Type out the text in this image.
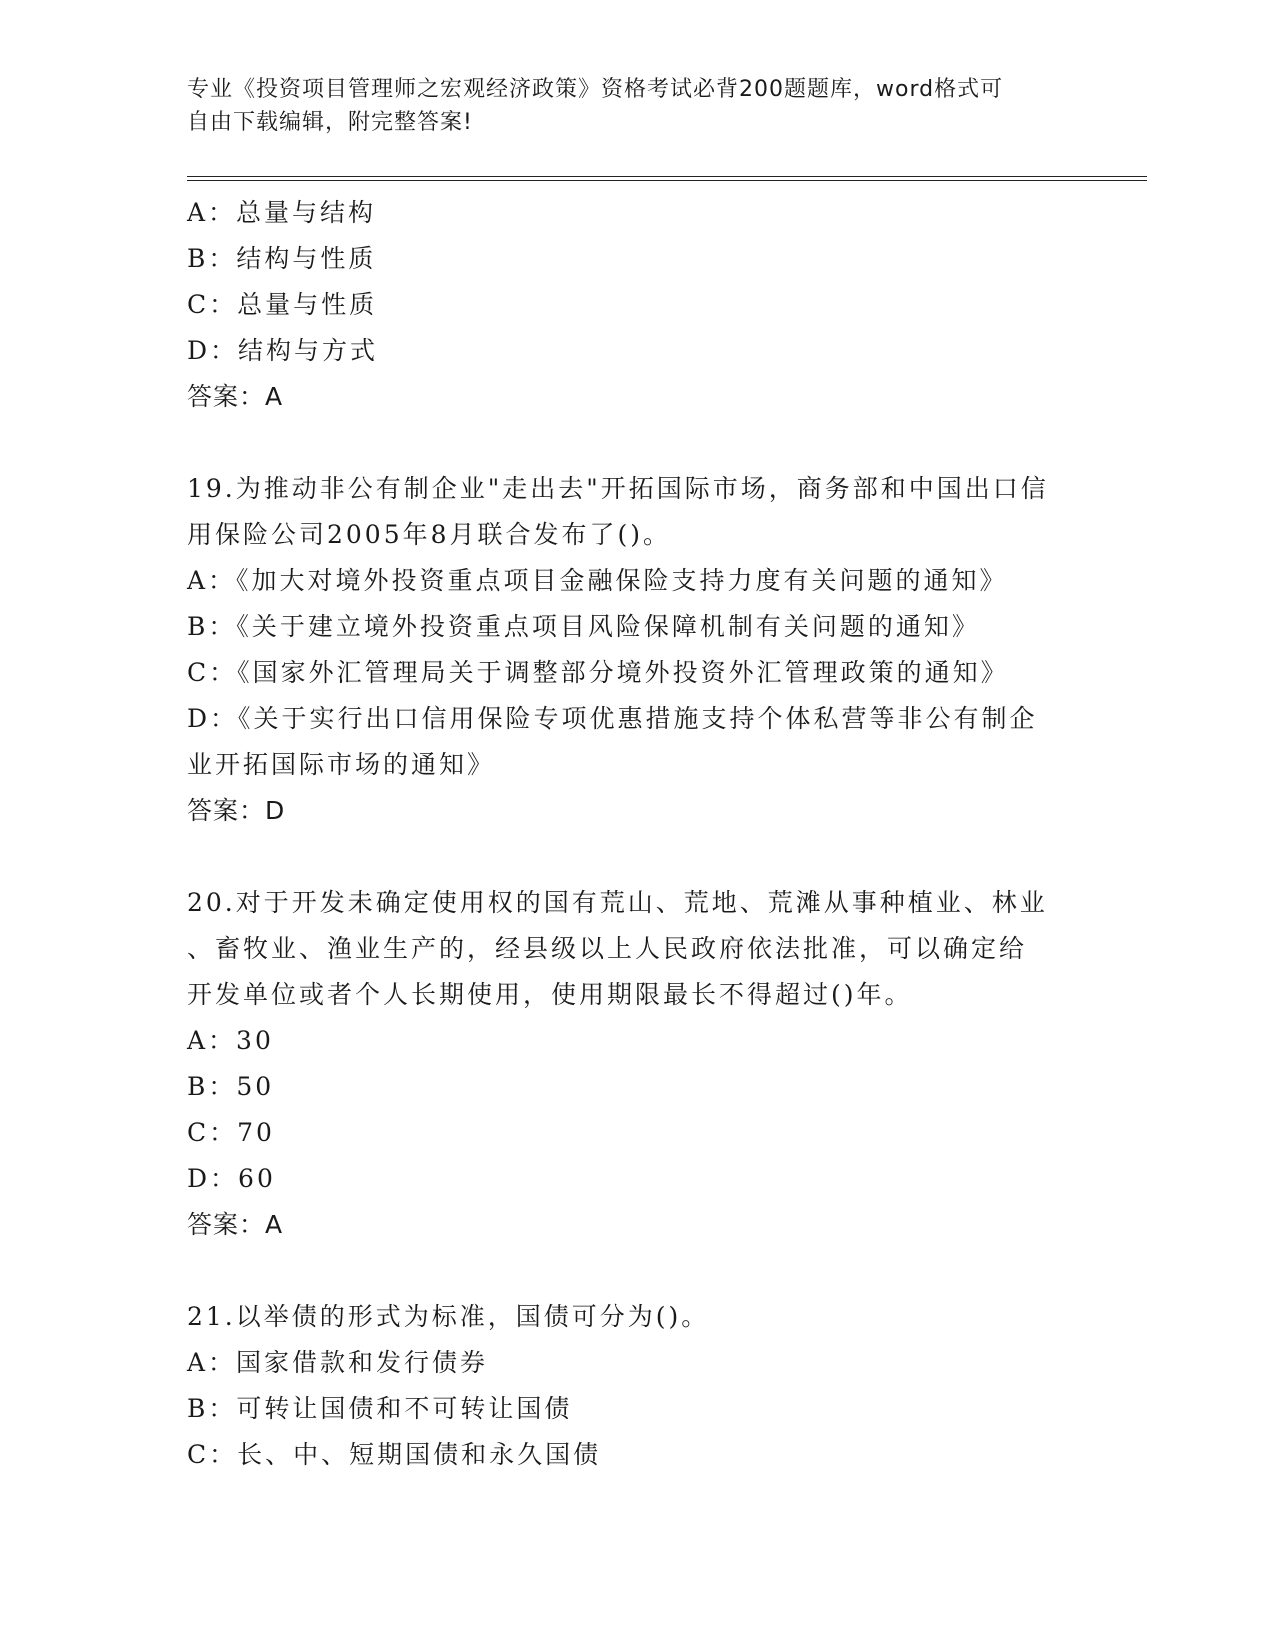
专业《投资项目管理师之宏观经济政策》资格考试必背200题题库，word格式可
自由下载编辑，附完整答案!
A：总量与结构
B：结构与性质
C：总量与性质
D：结构与方式
答案：A
19.为推动非公有制企业"走出去"开拓国际市场，商务部和中国出口信
用保险公司2005年8月联合发布了()。
A：《加大对境外投资重点项目金融保险支持力度有关问题的通知》
B：《关于建立境外投资重点项目风险保障机制有关问题的通知》
C：《国家外汇管理局关于调整部分境外投资外汇管理政策的通知》
D：《关于实行出口信用保险专项优惠措施支持个体私营等非公有制企
业开拓国际市场的通知》
答案：D
20.对于开发未确定使用权的国有荒山、荒地、荒滩从事种植业、林业
、畜牧业、渔业生产的，经县级以上人民政府依法批准，可以确定给
开发单位或者个人长期使用，使用期限最长不得超过()年。
A：30
B：50
C：70
D：60
答案：A
21.以举债的形式为标准，国债可分为()。
A：国家借款和发行债券
B：可转让国债和不可转让国债
C：长、中、短期国债和永久国债
